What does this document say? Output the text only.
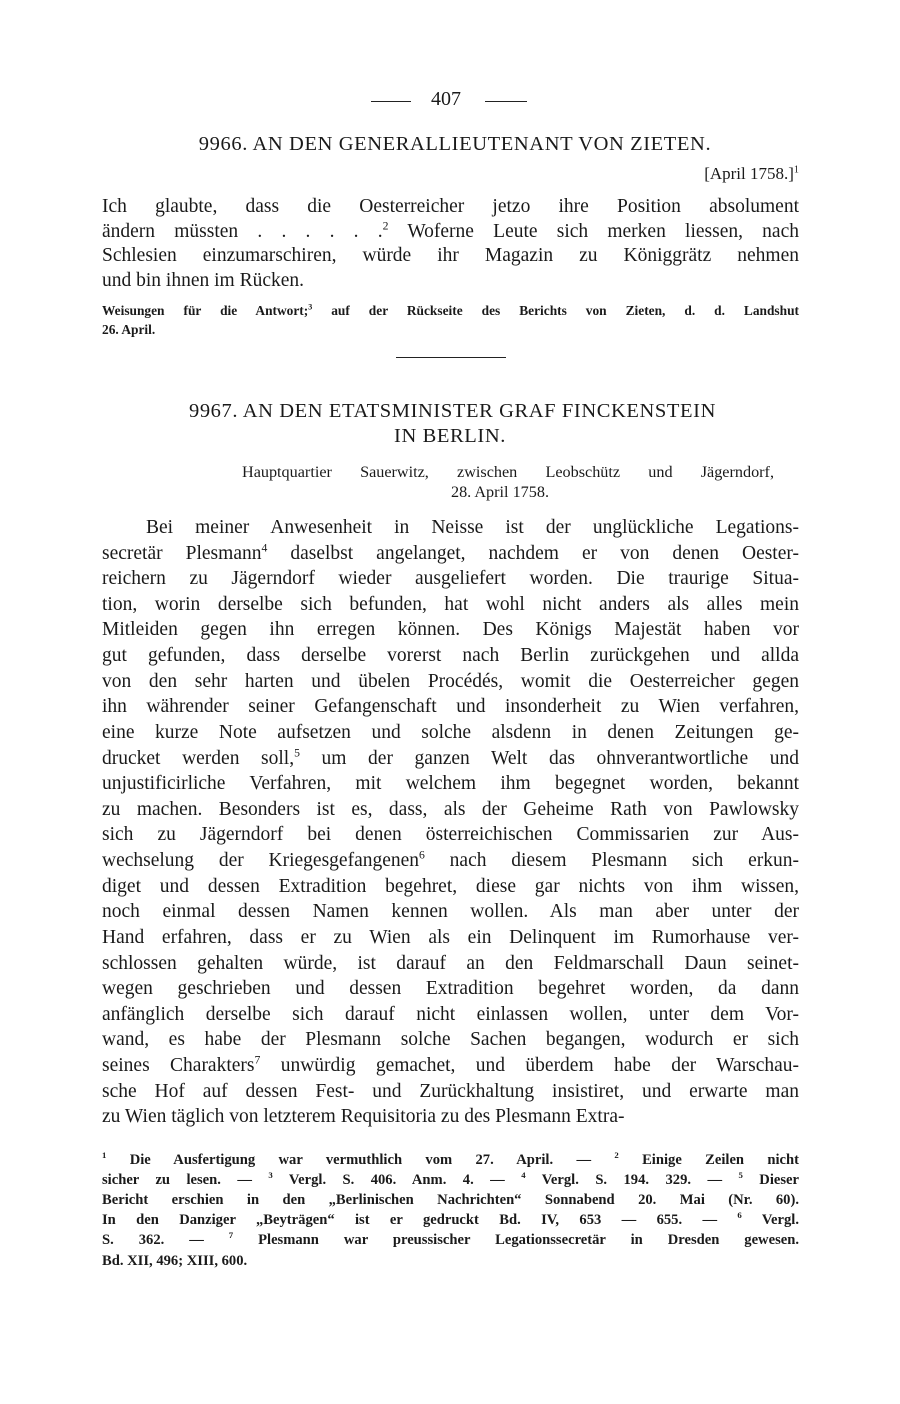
407
9966. AN DEN GENERALLIEUTENANT VON ZIETEN.
[April 1758.]$^1$
Ich glaubte, dass die Oesterreicher jetzo ihre Position absolument
ändern müssten . . . . . .$^2$ Woferne Leute sich merken liessen, nach
Schlesien einzumarschiren, würde ihr Magazin zu Königgrätz nehmen
und bin ihnen im Rücken.
Weisungen für die Antwort;$^3$ auf der Rückseite des Berichts von Zieten, d. d. Landshut
26. April.
9967. AN DEN ETATSMINISTER GRAF FINCKENSTEIN
IN BERLIN.
Hauptquartier Sauerwitz, zwischen Leobschütz und Jägerndorf,
28. April 1758.
Bei meiner Anwesenheit in Neisse ist der unglückliche Legations-
secretär Plesmann$^4$ daselbst angelanget, nachdem er von denen Oester-
reichern zu Jägerndorf wieder ausgeliefert worden. Die traurige Situa-
tion, worin derselbe sich befunden, hat wohl nicht anders als alles mein
Mitleiden gegen ihn erregen können. Des Königs Majestät haben vor
gut gefunden, dass derselbe vorerst nach Berlin zurückgehen und allda
von den sehr harten und übelen Procédés, womit die Oesterreicher gegen
ihn währender seiner Gefangenschaft und insonderheit zu Wien verfahren,
eine kurze Note aufsetzen und solche alsdenn in denen Zeitungen ge-
drucket werden soll,$^5$ um der ganzen Welt das ohnverantwortliche und
unjustificirliche Verfahren, mit welchem ihm begegnet worden, bekannt
zu machen. Besonders ist es, dass, als der Geheime Rath von Pawlowsky
sich zu Jägerndorf bei denen österreichischen Commissarien zur Aus-
wechselung der Kriegesgefangenen$^6$ nach diesem Plesmann sich erkun-
diget und dessen Extradition begehret, diese gar nichts von ihm wissen,
noch einmal dessen Namen kennen wollen. Als man aber unter der
Hand erfahren, dass er zu Wien als ein Delinquent im Rumorhause ver-
schlossen gehalten würde, ist darauf an den Feldmarschall Daun seinet-
wegen geschrieben und dessen Extradition begehret worden, da dann
anfänglich derselbe sich darauf nicht einlassen wollen, unter dem Vor-
wand, es habe der Plesmann solche Sachen begangen, wodurch er sich
seines Charakters$^7$ unwürdig gemachet, und überdem habe der Warschau-
sche Hof auf dessen Fest- und Zurückhaltung insistiret, und erwarte man
zu Wien täglich von letzterem Requisitoria zu des Plesmann Extra-
$^1$ Die Ausfertigung war vermuthlich vom 27. April. — $^2$ Einige Zeilen nicht
sicher zu lesen. — $^3$ Vergl. S. 406. Anm. 4. — $^4$ Vergl. S. 194. 329. — $^5$ Dieser
Bericht erschien in den „Berlinischen Nachrichten“ Sonnabend 20. Mai (Nr. 60).
In den Danziger „Beyträgen“ ist er gedruckt Bd. IV, 653 — 655. — $^6$ Vergl.
S. 362. — $^7$ Plesmann war preussischer Legationssecretär in Dresden gewesen.
Bd. XII, 496; XIII, 600.
